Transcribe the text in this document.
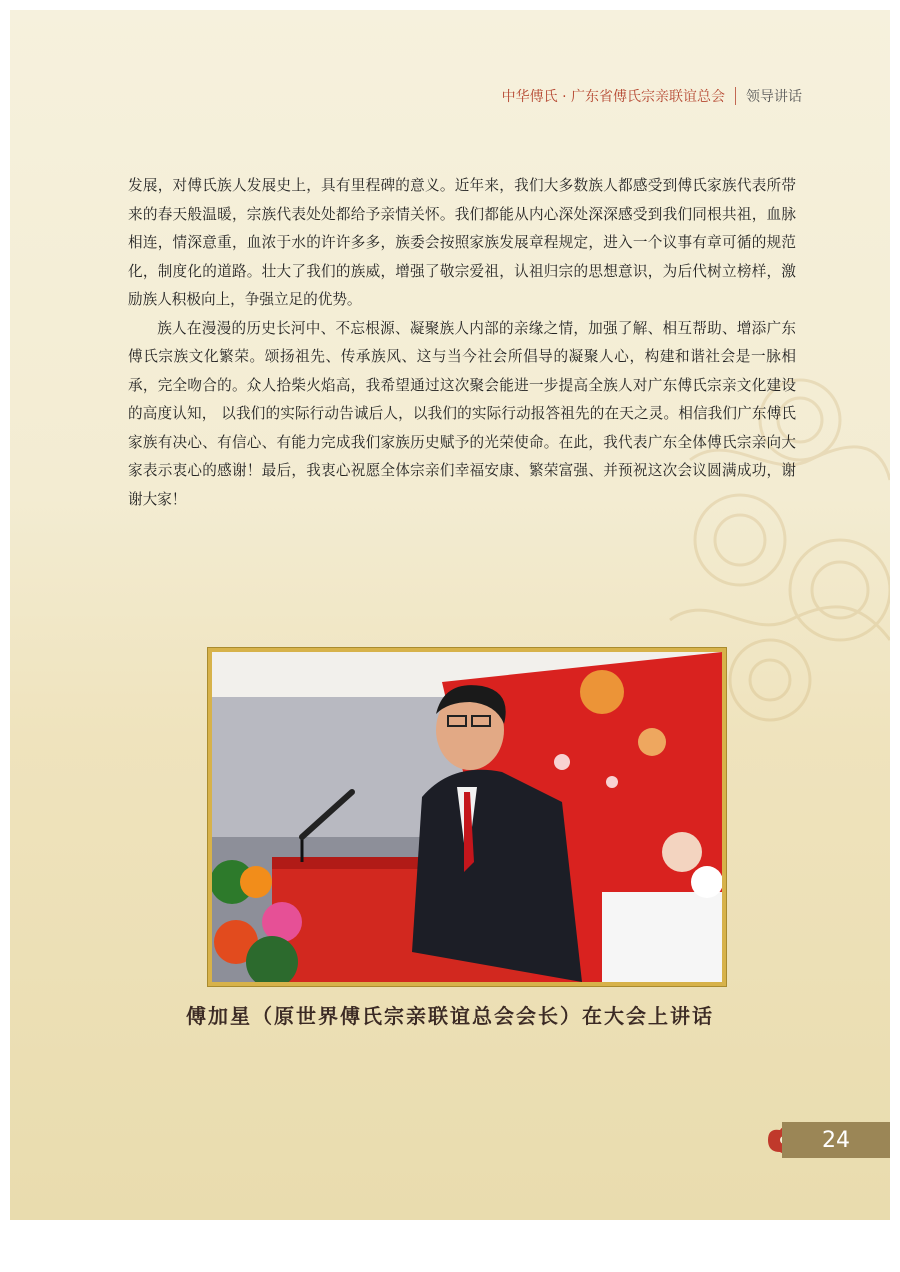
中华傅氏 · 广东省傅氏宗亲联谊总会 领导讲话

发展，对傅氏族人发展史上，具有里程碑的意义。近年来，我们大多数族人都感受到傅氏家族代表所带来的春天般温暖，宗族代表处处都给予亲情关怀。我们都能从内心深处深深感受到我们同根共祖，血脉相连，情深意重，血浓于水的许许多多，族委会按照家族发展章程规定，进入一个议事有章可循的规范化，制度化的道路。壮大了我们的族威，增强了敬宗爱祖，认祖归宗的思想意识，为后代树立榜样，激励族人积极向上，争强立足的优势。

族人在漫漫的历史长河中、不忘根源、凝聚族人内部的亲缘之情，加强了解、相互帮助、增添广东傅氏宗族文化繁荣。颂扬祖先、传承族风、这与当今社会所倡导的凝聚人心，构建和谐社会是一脉相承，完全吻合的。众人拾柴火焰高，我希望通过这次聚会能进一步提高全族人对广东傅氏宗亲文化建设的高度认知， 以我们的实际行动告诚后人，以我们的实际行动报答祖先的在天之灵。相信我们广东傅氏家族有决心、有信心、有能力完成我们家族历史赋予的光荣使命。在此，我代表广东全体傅氏宗亲向大家表示衷心的感谢！最后，我衷心祝愿全体宗亲们幸福安康、繁荣富强、并预祝这次会议圆满成功，谢谢大家！

傅加星（原世界傅氏宗亲联谊总会会长）在大会上讲话
24
